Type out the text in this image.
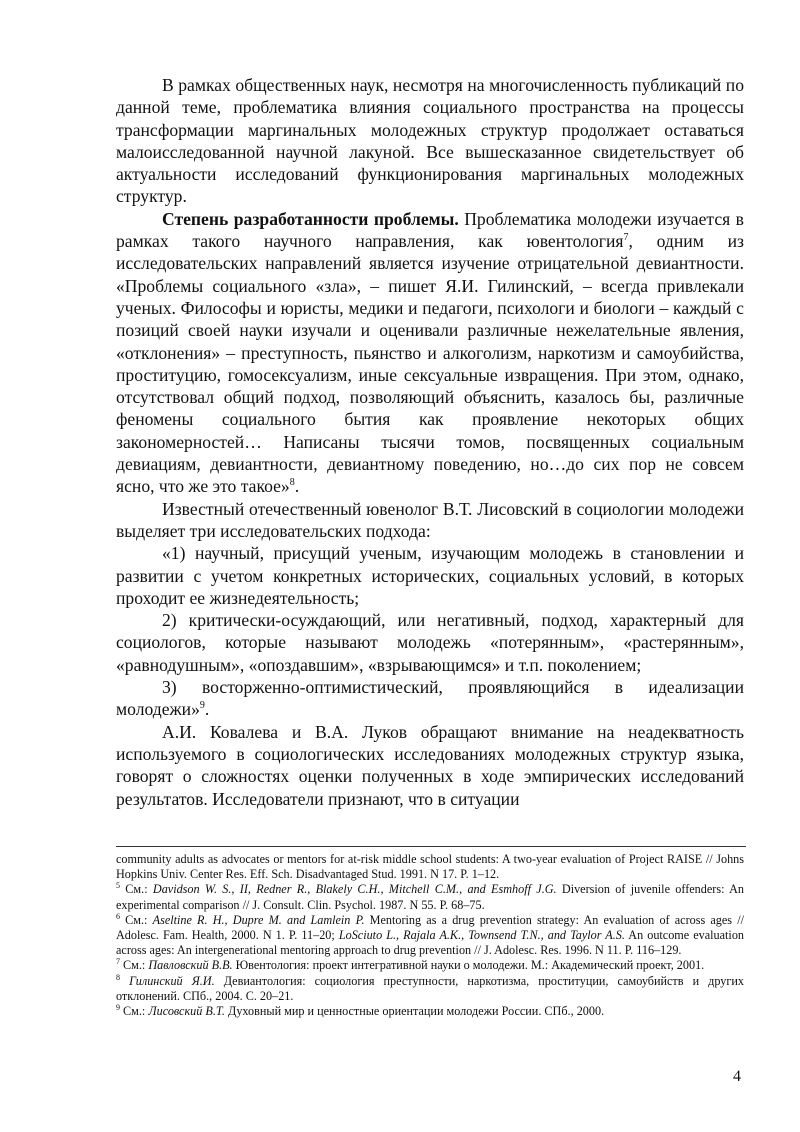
В рамках общественных наук, несмотря на многочисленность публикаций по данной теме, проблематика влияния социального пространства на процессы трансформации маргинальных молодежных структур продолжает оставаться малоисследованной научной лакуной. Все вышесказанное свидетельствует об актуальности исследований функционирования маргинальных молодежных структур.

Степень разработанности проблемы. Проблематика молодежи изучается в рамках такого научного направления, как ювентология$^7$, одним из исследовательских направлений является изучение отрицательной девиантности. «Проблемы социального «зла», – пишет Я.И. Гилинский, – всегда привлекали ученых. Философы и юристы, медики и педагоги, психологи и биологи – каждый с позиций своей науки изучали и оценивали различные нежелательные явления, «отклонения» – преступность, пьянство и алкоголизм, наркотизм и самоубийства, проституцию, гомосексуализм, иные сексуальные извращения. При этом, однако, отсутствовал общий подход, позволяющий объяснить, казалось бы, различные феномены социального бытия как проявление некоторых общих закономерностей… Написаны тысячи томов, посвященных социальным девиациям, девиантности, девиантному поведению, но…до сих пор не совсем ясно, что же это такое»$^8$.

Известный отечественный ювенолог В.Т. Лисовский в социологии молодежи выделяет три исследовательских подхода:

«1) научный, присущий ученым, изучающим молодежь в становлении и развитии с учетом конкретных исторических, социальных условий, в которых проходит ее жизнедеятельность;

2) критически-осуждающий, или негативный, подход, характерный для социологов, которые называют молодежь «потерянным», «растерянным», «равнодушным», «опоздавшим», «взрывающимся» и т.п. поколением;

3) восторженно-оптимистический, проявляющийся в идеализации молодежи»$^9$.

А.И. Ковалева и В.А. Луков обращают внимание на неадекватность используемого в социологических исследованиях молодежных структур языка, говорят о сложностях оценки полученных в ходе эмпирических исследований результатов. Исследователи признают, что в ситуации

community adults as advocates or mentors for at-risk middle school students: A two-year evaluation of Project RAISE // Johns Hopkins Univ. Center Res. Eff. Sch. Disadvantaged Stud. 1991. N 17. P. 1–12.

$^5$ См.: Davidson W. S., II, Redner R., Blakely C.H., Mitchell C.M., and Esmhoff J.G. Diversion of juvenile offenders: An experimental comparison // J. Consult. Clin. Psychol. 1987. N 55. P. 68–75.

$^6$ См.: Aseltine R. H., Dupre M. and Lamlein P. Mentoring as a drug prevention strategy: An evaluation of across ages // Adolesc. Fam. Health, 2000. N 1. P. 11–20; LoSciuto L., Rajala A.K., Townsend T.N., and Taylor A.S. An outcome evaluation across ages: An intergenerational mentoring approach to drug prevention // J. Adolesc. Res. 1996. N 11. P. 116–129.

$^7$ См.: Павловский В.В. Ювентология: проект интегративной науки о молодежи. М.: Академический проект, 2001.

$^8$ Гилинский Я.И. Девиантология: социология преступности, наркотизма, проституции, самоубийств и других отклонений. СПб., 2004. С. 20–21.

$^9$ См.: Лисовский В.Т. Духовный мир и ценностные ориентации молодежи России. СПб., 2000.

4
